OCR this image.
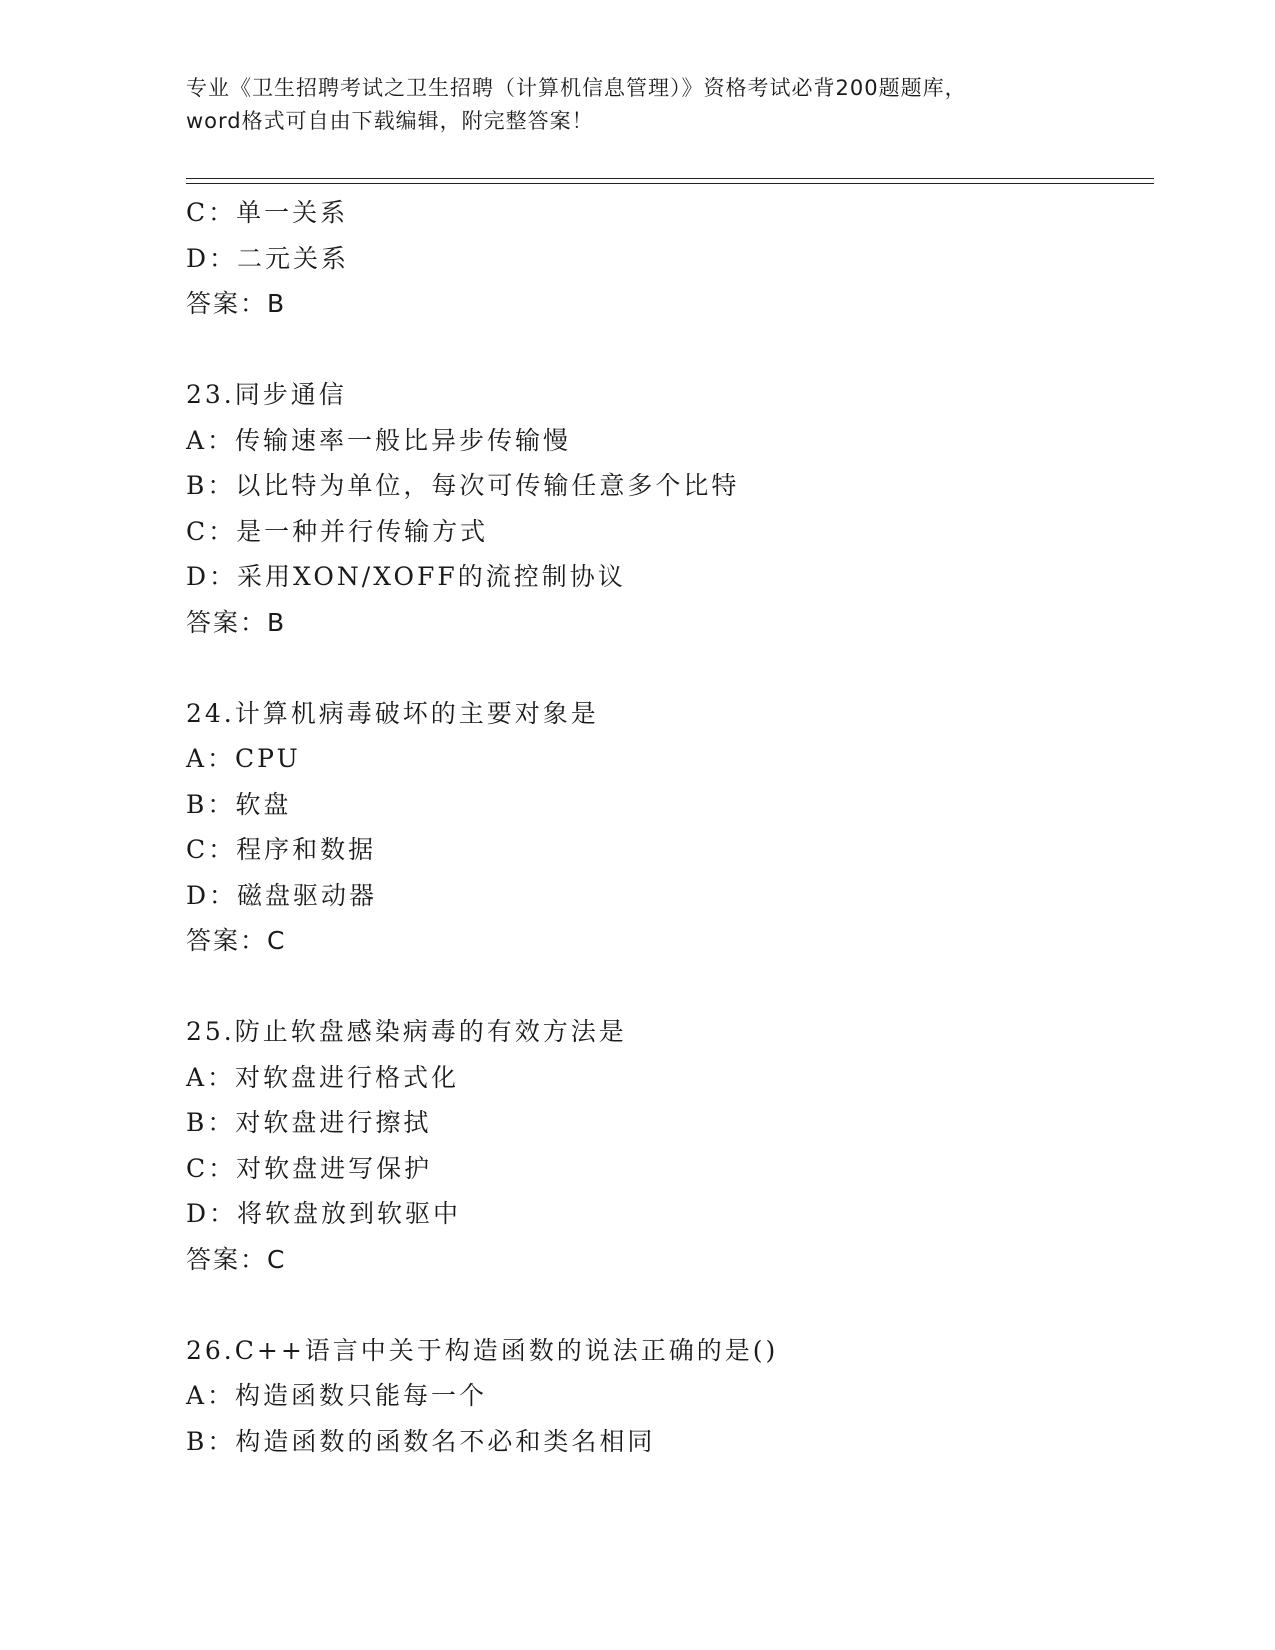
专业《卫生招聘考试之卫生招聘（计算机信息管理）》资格考试必背200题题库，
word格式可自由下载编辑，附完整答案！
C：单一关系
D：二元关系
答案：B
23.同步通信
A：传输速率一般比异步传输慢
B：以比特为单位，每次可传输任意多个比特
C：是一种并行传输方式
D：采用XON/XOFF的流控制协议
答案：B
24.计算机病毒破坏的主要对象是
A：CPU
B：软盘
C：程序和数据
D：磁盘驱动器
答案：C
25.防止软盘感染病毒的有效方法是
A：对软盘进行格式化
B：对软盘进行擦拭
C：对软盘进写保护
D：将软盘放到软驱中
答案：C
26.C++语言中关于构造函数的说法正确的是()
A：构造函数只能每一个
B：构造函数的函数名不必和类名相同
